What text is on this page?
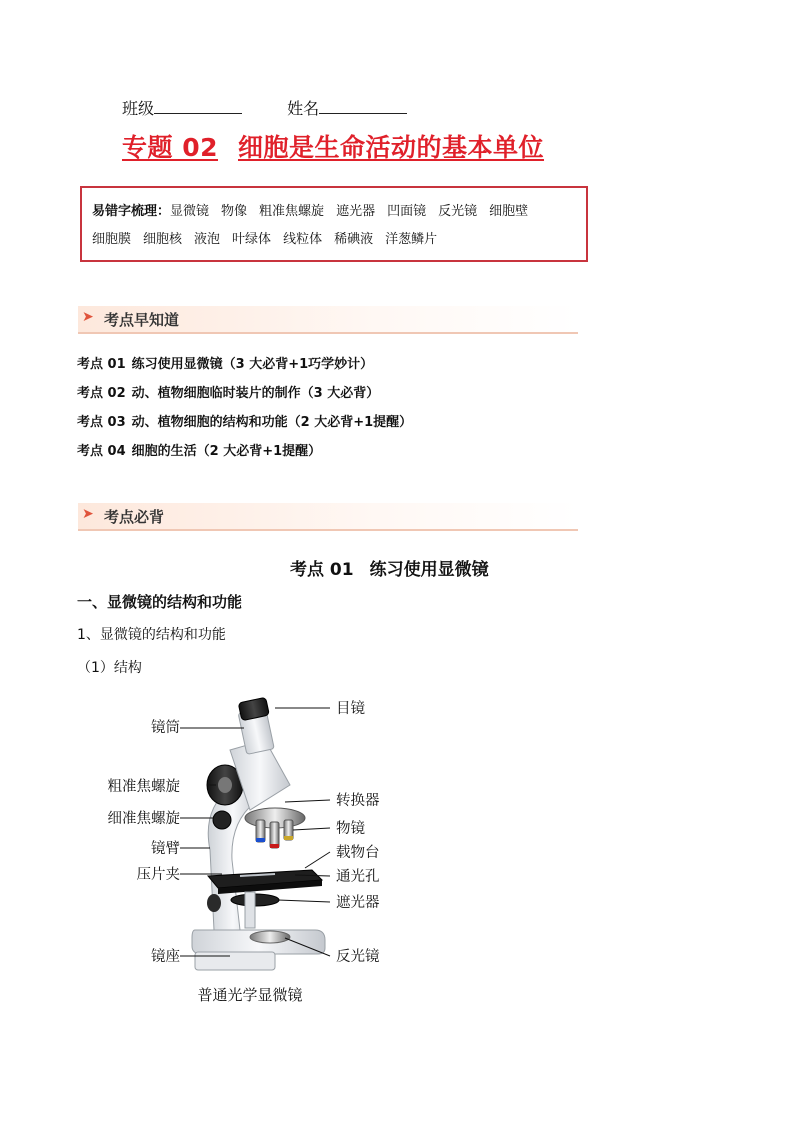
班级	姓名
专题 02 细胞是生命活动的基本单位
易错字梳理：显微镜 物像 粗准焦螺旋 遮光器 凹面镜 反光镜 细胞壁
细胞膜 细胞核 液泡 叶绿体 线粒体 稀碘液 洋葱鳞片
➤ 考点早知道
考点 01 练习使用显微镜（3 大必背+1巧学妙计）
考点 02 动、植物细胞临时装片的制作（3 大必背）
考点 03 动、植物细胞的结构和功能（2 大必背+1提醒）
考点 04 细胞的生活（2 大必背+1提醒）
➤ 考点必背
考点 01 练习使用显微镜
一、显微镜的结构和功能
1、显微镜的结构和功能
（1）结构
镜筒
粗准焦螺旋
细准焦螺旋
镜臂
压片夹
镜座
目镜
转换器
物镜
载物台
通光孔
遮光器
反光镜
普通光学显微镜
